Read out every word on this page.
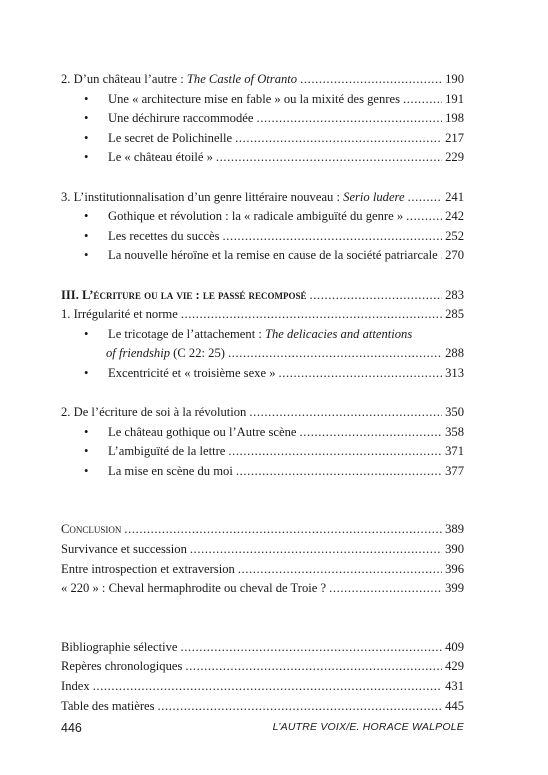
2. D’un château l’autre : The Castle of Otranto .....	190
•	Une « architecture mise en fable » ou la mixité des genres .....	191
•	Une déchirure raccommodée .....	198
•	Le secret de Polichinelle .....	217
•	Le « château étoilé » .....	229
3. L’institutionnalisation d’un genre littéraire nouveau : Serio ludere .....	241
•	Gothique et révolution : la « radicale ambiguïté du genre » .....	242
•	Les recettes du succès .....	252
•	La nouvelle héroïne et la remise en cause de la société patriarcale ..... 270
III. L’écriture ou la vie : le passé recomposé .....	283
1. Irrégularité et norme .....	285
•	Le tricotage de l’attachement : The delicacies and attentions
of friendship (C 22: 25) .....	288
•	Excentricité et « troisième sexe » .....	313
2. De l’écriture de soi à la révolution .....	350
•	Le château gothique ou l’Autre scène .....	358
•	L’ambiguïté de la lettre .....	371
•	La mise en scène du moi .....	377
Conclusion .....	389
Survivance et succession .....	390
Entre introspection et extraversion .....	396
« 220 » : Cheval hermaphrodite ou cheval de Troie ? .....	399
Bibliographie sélective .....	409
Repères chronologiques .....	429
Index .....	431
Table des matières .....	445
446	L’AUTRE VOIX/E. HORACE WALPOLE
